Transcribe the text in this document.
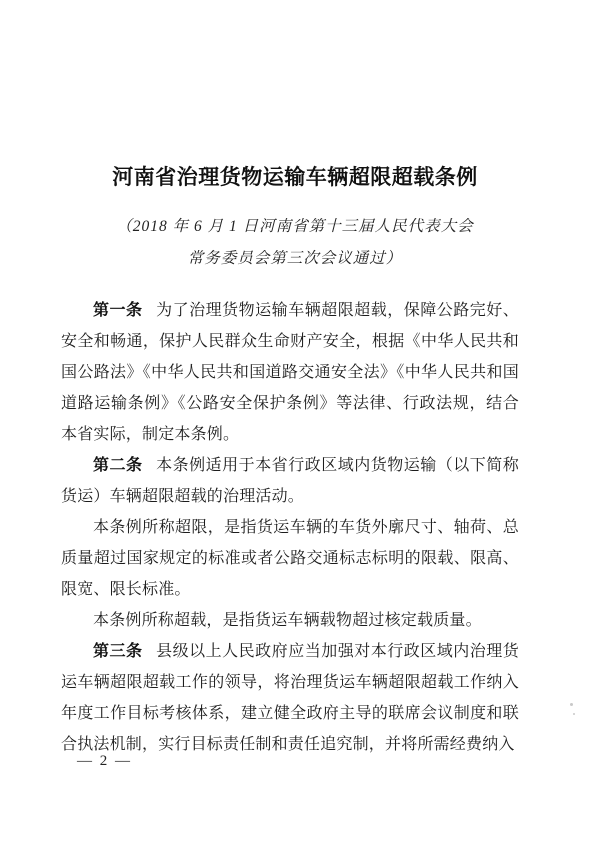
河南省治理货物运输车辆超限超载条例
（2018 年 6 月 1 日河南省第十三届人民代表大会
常务委员会第三次会议通过）

第一条 为了治理货物运输车辆超限超载，保障公路完好、安全和畅通，保护人民群众生命财产安全，根据《中华人民共和国公路法》《中华人民共和国道路交通安全法》《中华人民共和国道路运输条例》《公路安全保护条例》等法律、行政法规，结合本省实际，制定本条例。

第二条 本条例适用于本省行政区域内货物运输（以下简称货运）车辆超限超载的治理活动。

本条例所称超限，是指货运车辆的车货外廓尺寸、轴荷、总质量超过国家规定的标准或者公路交通标志标明的限载、限高、限宽、限长标准。

本条例所称超载，是指货运车辆载物超过核定载质量。

第三条 县级以上人民政府应当加强对本行政区域内治理货运车辆超限超载工作的领导，将治理货运车辆超限超载工作纳入年度工作目标考核体系，建立健全政府主导的联席会议制度和联合执法机制，实行目标责任制和责任追究制，并将所需经费纳入

— 2 —
